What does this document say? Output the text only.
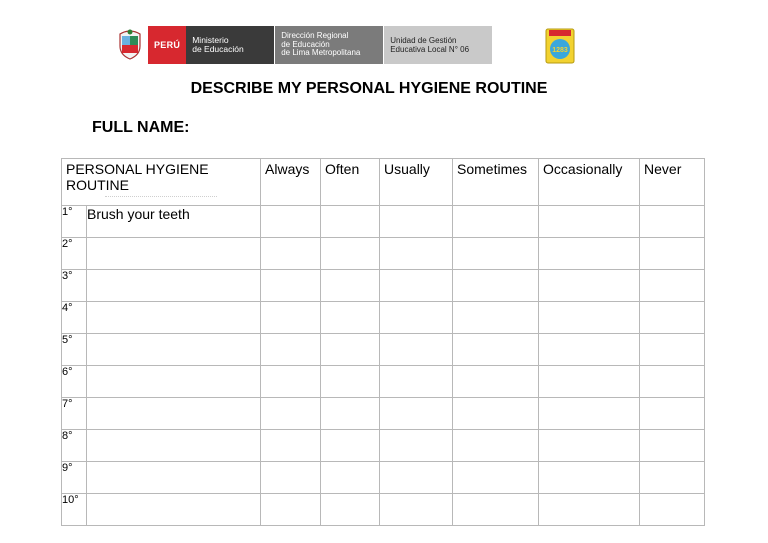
PERÚ	Ministerio
de Educación
Dirección Regional
de Educación
de Lima Metropolitana
Unidad de Gestión
Educativa Local N° 06	1283
DESCRIBE MY PERSONAL HYGIENE ROUTINE
FULL NAME:
PERSONAL HYGIENE
ROUTINE		Always	Often	Usually	Sometimes	Occasionally	Never
1°	Brush your teeth						
2°							
3°							
4°							
5°							
6°							
7°							
8°							
9°							
10°							
